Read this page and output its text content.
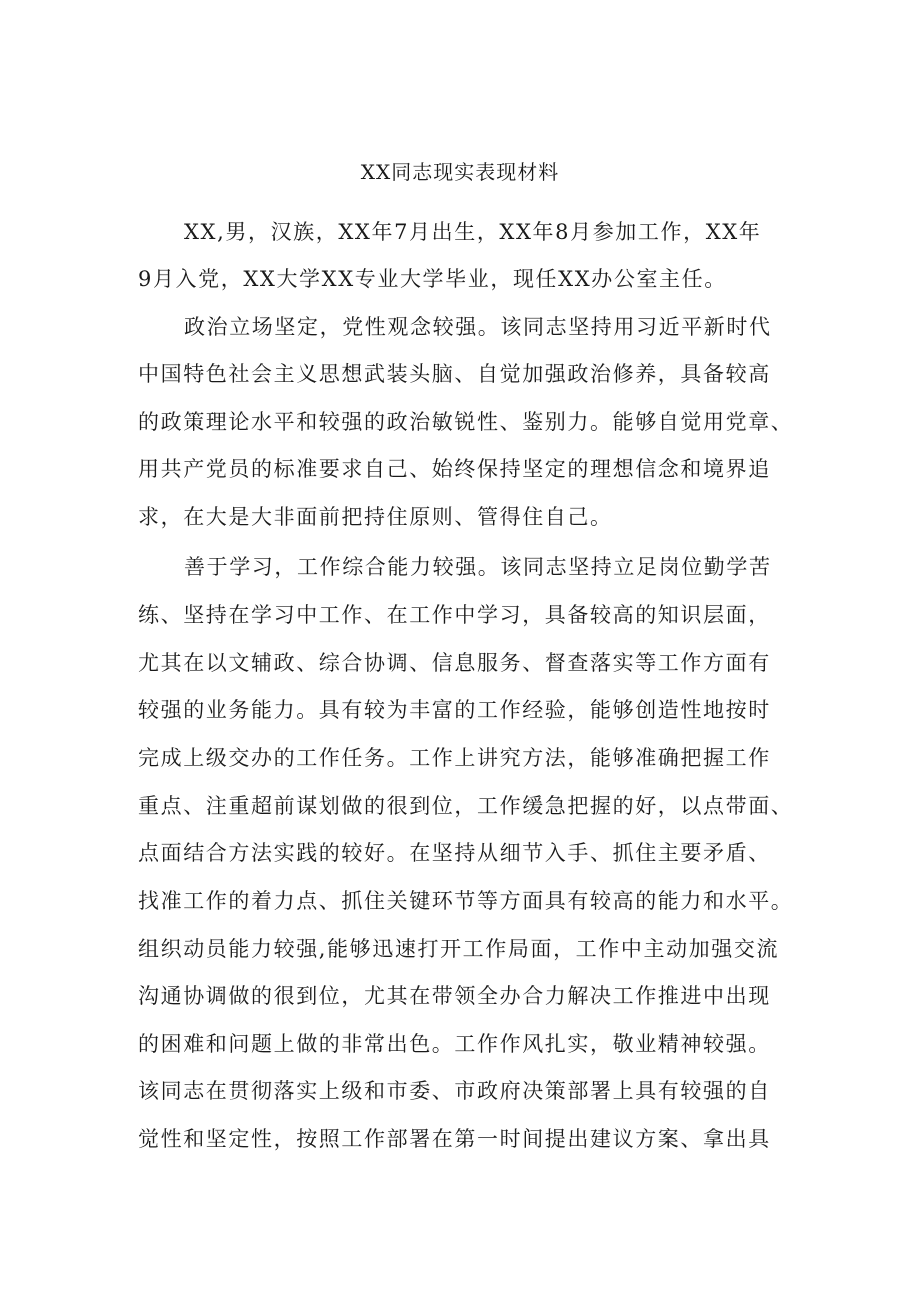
XX同志现实表现材料
XX,男，汉族，XX年7月出生，XX年8月参加工作，XX年
9月入党，XX大学XX专业大学毕业，现任XX办公室主任。
政治立场坚定，党性观念较强。该同志坚持用习近平新时代
中国特色社会主义思想武装头脑、自觉加强政治修养，具备较高
的政策理论水平和较强的政治敏锐性、鉴别力。能够自觉用党章、
用共产党员的标准要求自己、始终保持坚定的理想信念和境界追
求，在大是大非面前把持住原则、管得住自己。
善于学习，工作综合能力较强。该同志坚持立足岗位勤学苦
练、坚持在学习中工作、在工作中学习，具备较高的知识层面，
尤其在以文辅政、综合协调、信息服务、督查落实等工作方面有
较强的业务能力。具有较为丰富的工作经验，能够创造性地按时
完成上级交办的工作任务。工作上讲究方法，能够准确把握工作
重点、注重超前谋划做的很到位，工作缓急把握的好，以点带面、
点面结合方法实践的较好。在坚持从细节入手、抓住主要矛盾、
找准工作的着力点、抓住关键环节等方面具有较高的能力和水平。
组织动员能力较强,能够迅速打开工作局面，工作中主动加强交流
沟通协调做的很到位，尤其在带领全办合力解决工作推进中出现
的困难和问题上做的非常出色。工作作风扎实，敬业精神较强。
该同志在贯彻落实上级和市委、市政府决策部署上具有较强的自
觉性和坚定性，按照工作部署在第一时间提出建议方案、拿出具
